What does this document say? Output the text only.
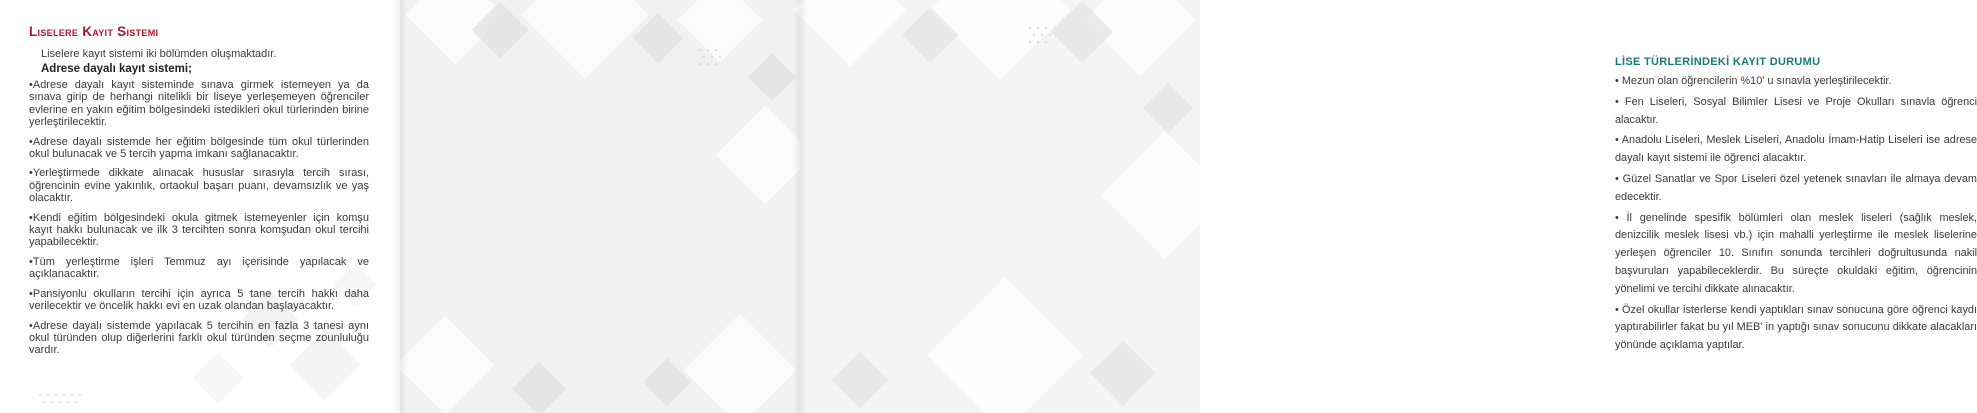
Liselere Kayıt Sistemi
Liselere kayıt sistemi iki bölümden oluşmaktadır.
Adrese dayalı kayıt sistemi;

•Adrese dayalı kayıt sisteminde sınava girmek istemeyen ya da sınava girip de herhangi nitelikli bir liseye yerleşemeyen öğrenciler evlerine en yakın eğitim bölgesindeki istedikleri okul türlerinden birine yerleştirilecektir.

•Adrese dayalı sistemde her eğitim bölgesinde tüm okul türlerinden okul bulunacak ve 5 tercih yapma imkanı sağlanacaktır.

•Yerleştirmede dikkate alınacak hususlar sırasıyla tercih sırası, öğrencinin evine yakınlık, ortaokul başarı puanı, devamsızlık ve yaş olacaktır.

•Kendi eğitim bölgesindeki okula gitmek istemeyenler için komşu kayıt hakkı bulunacak ve ilk 3 tercihten sonra komşudan okul tercihi yapabilecektir.

•Tüm yerleştirme işleri Temmuz ayı içerisinde yapılacak ve açıklanacaktır.

•Pansiyonlu okulların tercihi için ayrıca 5 tane tercih hakkı daha verilecektir ve öncelik hakkı evi en uzak olandan başlayacaktır.

•Adrese dayalı sistemde yapılacak 5 tercihin en fazla 3 tanesi aynı okul türünden olup diğerlerini farklı okul türünden seçme zounluluğu vardır.

LİSE TÜRLERİNDEKİ KAYIT DURUMU

• Mezun olan öğrencilerin %10' u sınavla yerleştirilecektir.

• Fen Liseleri, Sosyal Bilimler Lisesi ve Proje Okulları sınavla öğrenci alacaktır.

• Anadolu Liseleri, Meslek Liseleri, Anadolu İmam-Hatip Liseleri ise adrese dayalı kayıt sistemi ile öğrenci alacaktır.

• Güzel Sanatlar ve Spor Liseleri özel yetenek sınavları ile almaya devam edecektir.

• İl genelinde spesifik bölümleri olan meslek liseleri (sağlık meslek, denizcilik meslek lisesi vb.) için mahalli yerleştirme ile meslek liselerine yerleşen öğrenciler 10. Sınıfın sonunda tercihleri doğrultusunda nakil başvuruları yapabileceklerdir. Bu süreçte okuldaki eğitim, öğrencinin yönelimi ve tercihi dikkate alınacaktır.

• Özel okullar isterlerse kendi yaptıkları sınav sonucuna göre öğrenci kaydı yaptırabilirler fakat bu yıl MEB' in yaptığı sınav sonucunu dikkate alacakları yönünde açıklama yaptılar.
